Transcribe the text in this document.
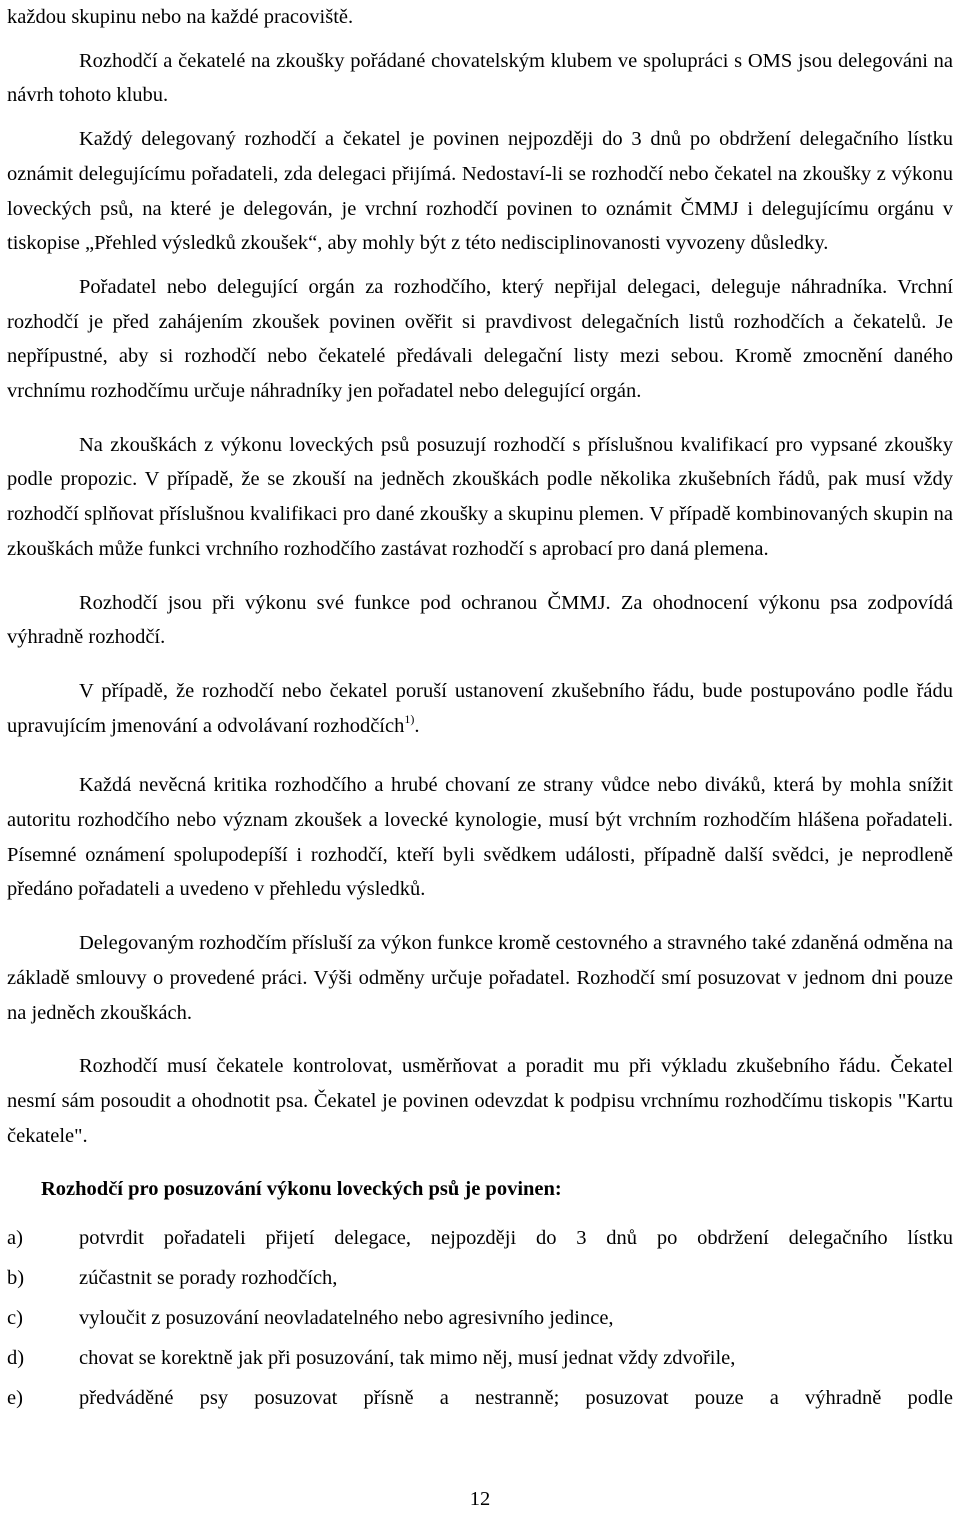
každou skupinu nebo na každé pracoviště.

Rozhodčí a čekatelé na zkoušky pořádané chovatelským klubem ve spolupráci s OMS jsou delegováni na návrh tohoto klubu.

Každý delegovaný rozhodčí a čekatel je povinen nejpozději do 3 dnů po obdržení delegačního lístku oznámit delegujícímu pořadateli, zda delegaci přijímá. Nedostaví-li se rozhodčí nebo čekatel na zkoušky z výkonu loveckých psů, na které je delegován, je vrchní rozhodčí povinen to oznámit ČMMJ i delegujícímu orgánu v tiskopise „Přehled výsledků zkoušek“, aby mohly být z této nedisciplinovanosti vyvozeny důsledky.

Pořadatel nebo delegující orgán za rozhodčího, který nepřijal delegaci, deleguje náhradníka. Vrchní rozhodčí je před zahájením zkoušek povinen ověřit si pravdivost delegačních listů rozhodčích a čekatelů. Je nepřípustné, aby si rozhodčí nebo čekatelé předávali delegační listy mezi sebou. Kromě zmocnění daného vrchnímu rozhodčímu určuje náhradníky jen pořadatel nebo delegující orgán.

Na zkouškách z výkonu loveckých psů posuzují rozhodčí s příslušnou kvalifikací pro vypsané zkoušky podle propozic. V případě, že se zkouší na jedněch zkouškách podle několika zkušebních řádů, pak musí vždy rozhodčí splňovat příslušnou kvalifikaci pro dané zkoušky a skupinu plemen. V případě kombinovaných skupin na zkouškách může funkci vrchního rozhodčího zastávat rozhodčí s aprobací pro daná plemena.

Rozhodčí jsou při výkonu své funkce pod ochranou ČMMJ. Za ohodnocení výkonu psa zodpovídá výhradně rozhodčí.

V případě, že rozhodčí nebo čekatel poruší ustanovení zkušebního řádu, bude postupováno podle řádu upravujícím jmenování a odvolávaní rozhodčích$^{1)}$.

Každá nevěcná kritika rozhodčího a hrubé chovaní ze strany vůdce nebo diváků, která by mohla snížit autoritu rozhodčího nebo význam zkoušek a lovecké kynologie, musí být vrchním rozhodčím hlášena pořadateli. Písemné oznámení spolupodepíší i rozhodčí, kteří byli svědkem události, případně další svědci, je neprodleně předáno pořadateli a uvedeno v přehledu výsledků.

Delegovaným rozhodčím přísluší za výkon funkce kromě cestovného a stravného také zdaněná odměna na základě smlouvy o provedené práci. Výši odměny určuje pořadatel. Rozhodčí smí posuzovat v jednom dni pouze na jedněch zkouškách.

Rozhodčí musí čekatele kontrolovat, usměrňovat a poradit mu při výkladu zkušebního řádu. Čekatel nesmí sám posoudit a ohodnotit psa. Čekatel je povinen odevzdat k podpisu vrchnímu rozhodčímu tiskopis "Kartu čekatele".

Rozhodčí pro posuzování výkonu loveckých psů je povinen:

a)	potvrdit pořadateli přijetí delegace, nejpozději do 3 dnů po obdržení delegačního lístku
b)	zúčastnit se porady rozhodčích,
c)	vyloučit z posuzování neovladatelného nebo agresivního jedince,
d)	chovat se korektně jak při posuzování, tak mimo něj, musí jednat vždy zdvořile,
e)	předváděné psy posuzovat přísně a nestranně; posuzovat pouze a výhradně podle
12
